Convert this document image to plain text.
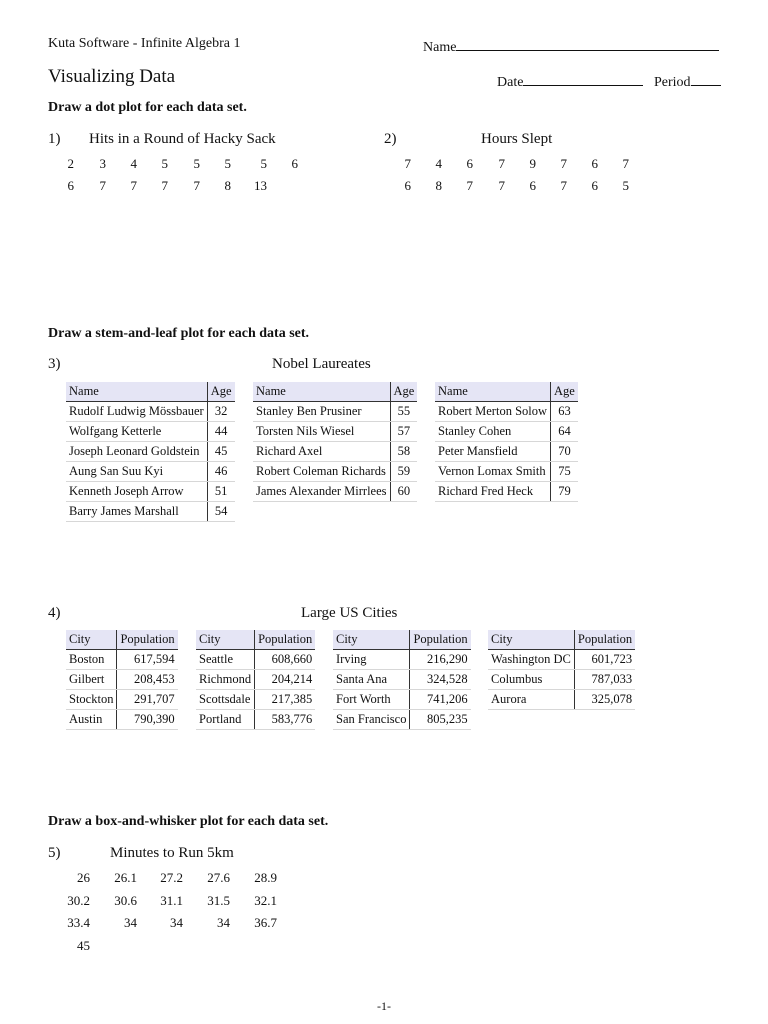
Kuta Software - Infinite Algebra 1	Name
Visualizing Data	Date	Period
Draw a dot plot for each data set.
1) Hits in a Round of Hacky Sack
2 3 4 5 5 5 5 6
6 7 7 7 7 8 13
2)	Hours Slept
7 4 6 7 9 7 6 7
6 8 7 7 6 7 6 5
Draw a stem-and-leaf plot for each data set.
3)	Nobel Laureates
Name	Age
Rudolf Ludwig Mössbauer	32
Wolfgang Ketterle	44
Joseph Leonard Goldstein	45
Aung San Suu Kyi	46
Kenneth Joseph Arrow	51
Barry James Marshall	54
Name	Age
Stanley Ben Prusiner	55
Torsten Nils Wiesel	57
Richard Axel	58
Robert Coleman Richards	59
James Alexander Mirrlees	60
Name	Age
Robert Merton Solow	63
Stanley Cohen	64
Peter Mansfield	70
Vernon Lomax Smith	75
Richard Fred Heck	79
4)	Large US Cities
City	Population
Boston	617,594
Gilbert	208,453
Stockton	291,707
Austin	790,390
City	Population
Seattle	608,660
Richmond	204,214
Scottsdale	217,385
Portland	583,776
City	Population
Irving	216,290
Santa Ana	324,528
Fort Worth	741,206
San Francisco	805,235
City	Population
Washington DC	601,723
Columbus	787,033
Aurora	325,078
Draw a box-and-whisker plot for each data set.
5)	Minutes to Run 5km
26 26.1 27.2 27.6 28.9
30.2 30.6 31.1 31.5 32.1
33.4	34	34	34 36.7
45
-1-
